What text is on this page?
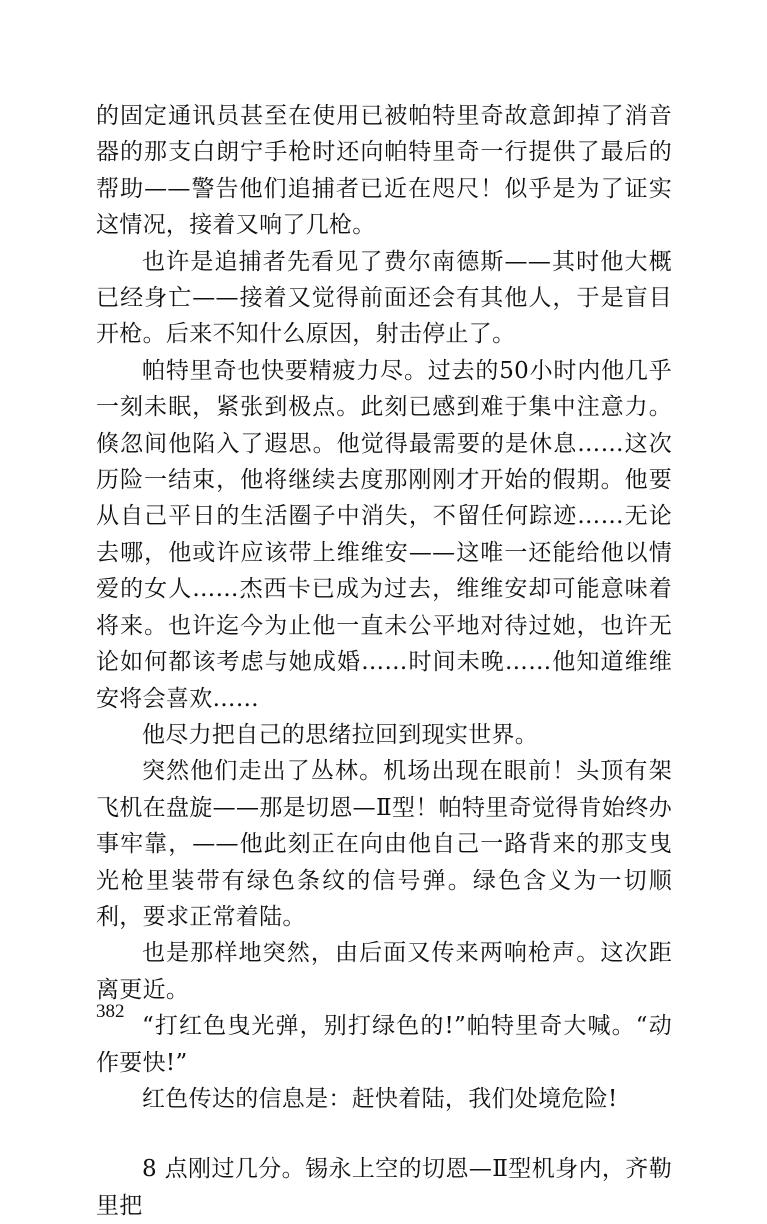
的固定通讯员甚至在使用已被帕特里奇故意卸掉了消音器的那支白朗宁手枪时还向帕特里奇一行提供了最后的帮助——警告他们追捕者已近在咫尺！似乎是为了证实这情况，接着又响了几枪。

也许是追捕者先看见了费尔南德斯——其时他大概已经身亡——接着又觉得前面还会有其他人，于是盲目开枪。后来不知什么原因，射击停止了。

帕特里奇也快要精疲力尽。过去的50小时内他几乎一刻未眠，紧张到极点。此刻已感到难于集中注意力。倏忽间他陷入了遐思。他觉得最需要的是休息……这次历险一结束，他将继续去度那刚刚才开始的假期。他要从自己平日的生活圈子中消失，不留任何踪迹……无论去哪，他或许应该带上维维安——这唯一还能给他以情爱的女人……杰西卡已成为过去，维维安却可能意味着将来。也许迄今为止他一直未公平地对待过她，也许无论如何都该考虑与她成婚……时间未晚……他知道维维安将会喜欢……

他尽力把自己的思绪拉回到现实世界。

突然他们走出了丛林。机场出现在眼前！头顶有架飞机在盘旋——那是切恩—Ⅱ型！帕特里奇觉得肯始终办事牢靠，——他此刻正在向由他自己一路背来的那支曳光枪里装带有绿色条纹的信号弹。绿色含义为一切顺利，要求正常着陆。

也是那样地突然，由后面又传来两响枪声。这次距离更近。

“打红色曳光弹，别打绿色的!”帕特里奇大喊。“动作要快!”

红色传达的信息是：赶快着陆，我们处境危险!

8 点刚过几分。锡永上空的切恩—Ⅱ型机身内，齐勒里把

382
